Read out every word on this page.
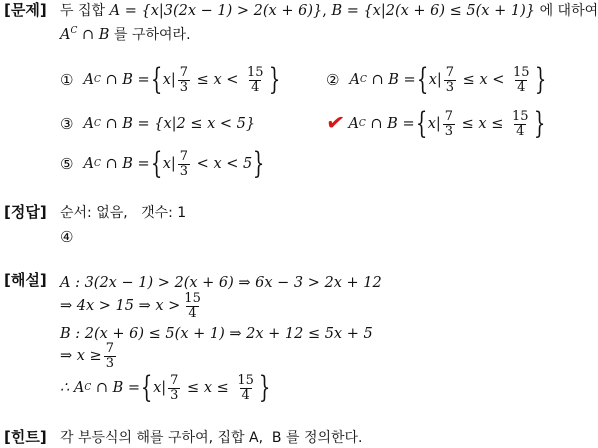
[문제]
[정답]
[해설]
[힌트]
두 집합 A = {x|3(2x − 1) > 2(x + 6)}, B = {x|2(x + 6) ≤ 5(x + 1)} 에 대하여
$A^C$ ∩ B 를 구하여라.
① A C
∩ B = { $x| \frac{7}{3} \le x < \frac{15}{4}$ }	② A C
∩ B = { $x| \frac{7}{3} \le x < \frac{15}{4}$ }
③ A C
∩ B = {x|2 ≤ x < 5}	✔ A C
∩ B = { $x| \frac{7}{3} \le x \le \frac{15}{4}$ }
⑤ A C
∩ B = { $x| \frac{7}{3} < x < 5$ }
순서: 없음,   갯수: 1
④
A : 3(2x − 1) > 2(x + 6) ⇒ 6x − 3 > 2x + 12
⇒ 4x > 15 ⇒ $x > \frac{15}{4}$
B : 2(x + 6) ≤ 5(x + 1) ⇒ 2x + 12 ≤ 5x + 5
⇒ $x \ge \frac{7}{3}$
∴ A C
∩ B = { $x| \frac{7}{3} \le x \le \frac{15}{4}$ }
각 부등식의 해를 구하여, 집합 A,  B 를 정의한다.
